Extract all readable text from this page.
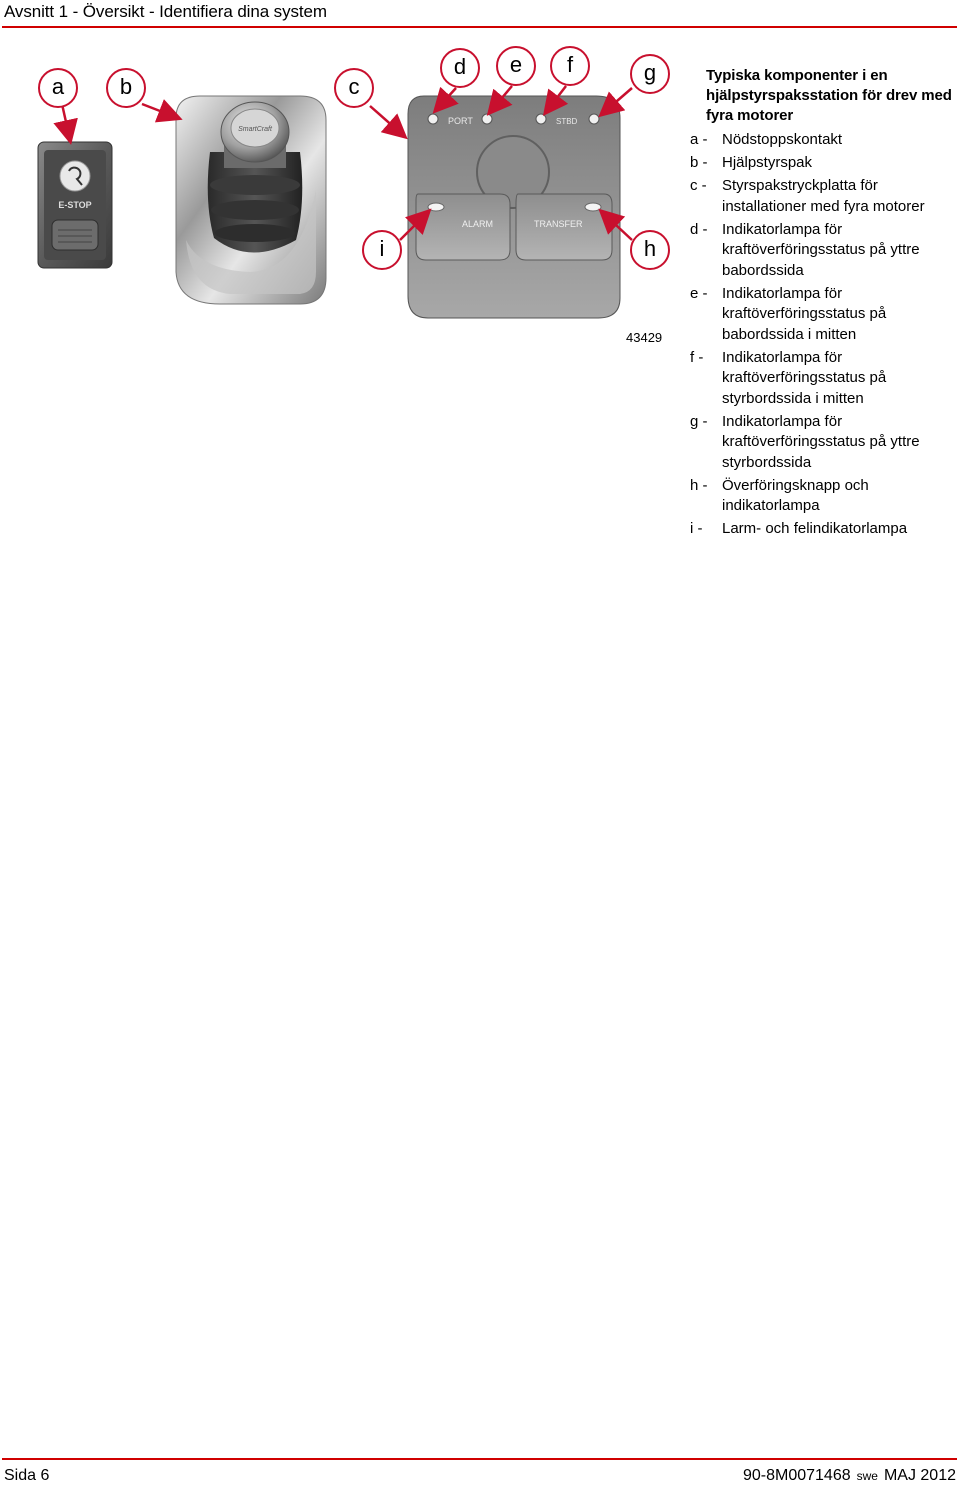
Avsnitt 1 - Översikt - Identifiera dina system
E-STOP
SmartCraft
PORT	STBD
ALARM	TRANSFER
a	b	c
d	e	f	g
h
i
43429
Typiska komponenter i en hjälpstyrspaksstation för drev med fyra motorer
a - Nödstoppskontakt
b - Hjälpstyrspak
c - Styrspakstryckplatta för installationer med fyra motorer
d - Indikatorlampa för kraftöverföringsstatus på yttre babordssida
e - Indikatorlampa för kraftöverföringsstatus på babordssida i mitten
f - Indikatorlampa för kraftöverföringsstatus på styrbordssida i mitten
g - Indikatorlampa för kraftöverföringsstatus på yttre styrbordssida
h - Överföringsknapp och indikatorlampa
i - Larm- och felindikatorlampa
Sida 6	90-8M0071468 swe MAJ 2012
